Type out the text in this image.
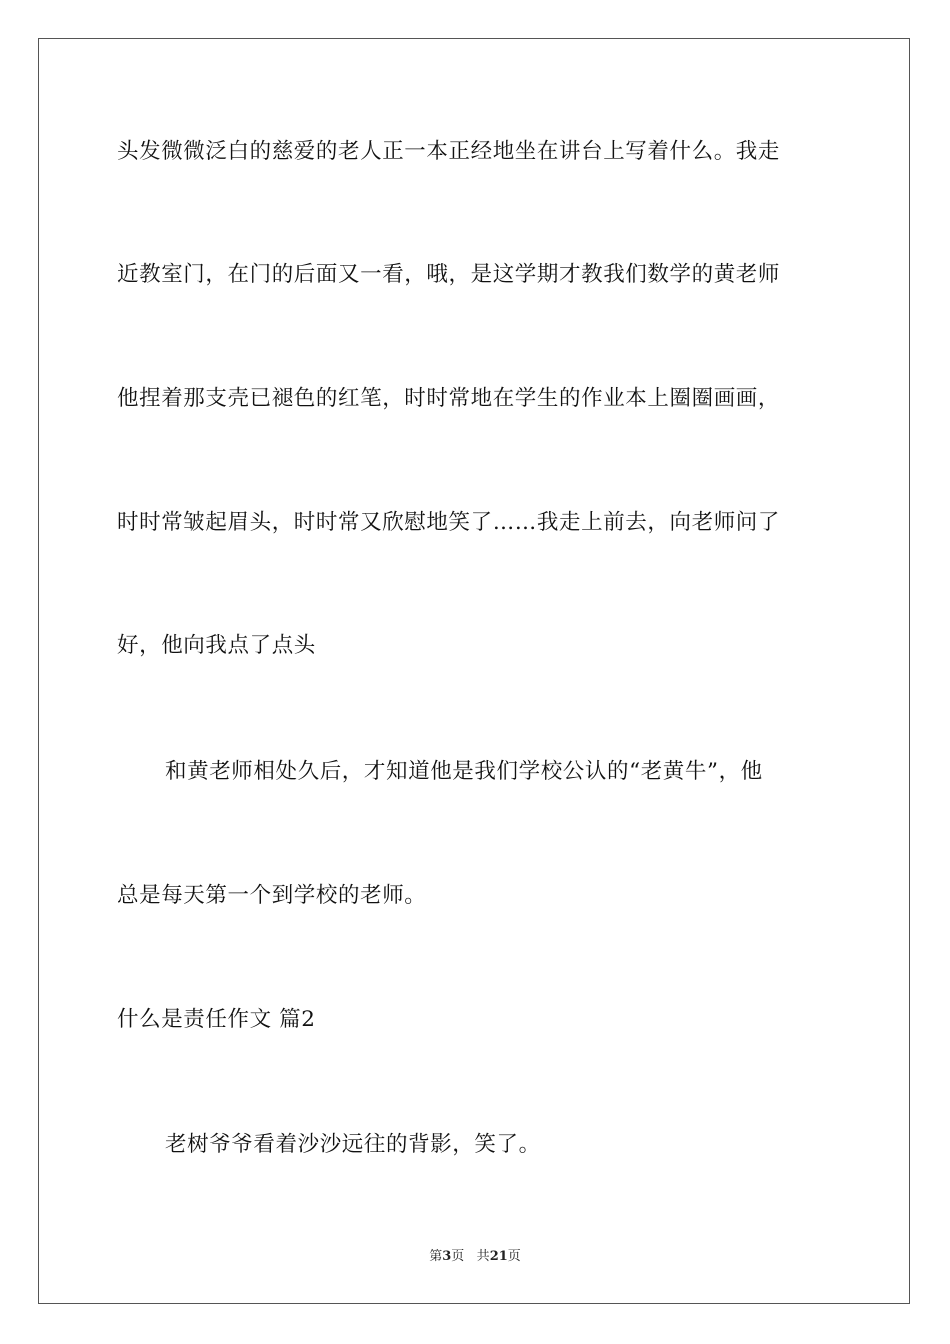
头发微微泛白的慈爱的老人正一本正经地坐在讲台上写着什么。我走
近教室门，在门的后面又一看，哦，是这学期才教我们数学的黄老师
他捏着那支壳已褪色的红笔，时时常地在学生的作业本上圈圈画画，
时时常皱起眉头，时时常又欣慰地笑了……我走上前去，向老师问了
好，他向我点了点头
和黄老师相处久后，才知道他是我们学校公认的“老黄牛”，他
总是每天第一个到学校的老师。
什么是责任作文 篇2
老树爷爷看着沙沙远往的背影，笑了。
第3页 共21页
